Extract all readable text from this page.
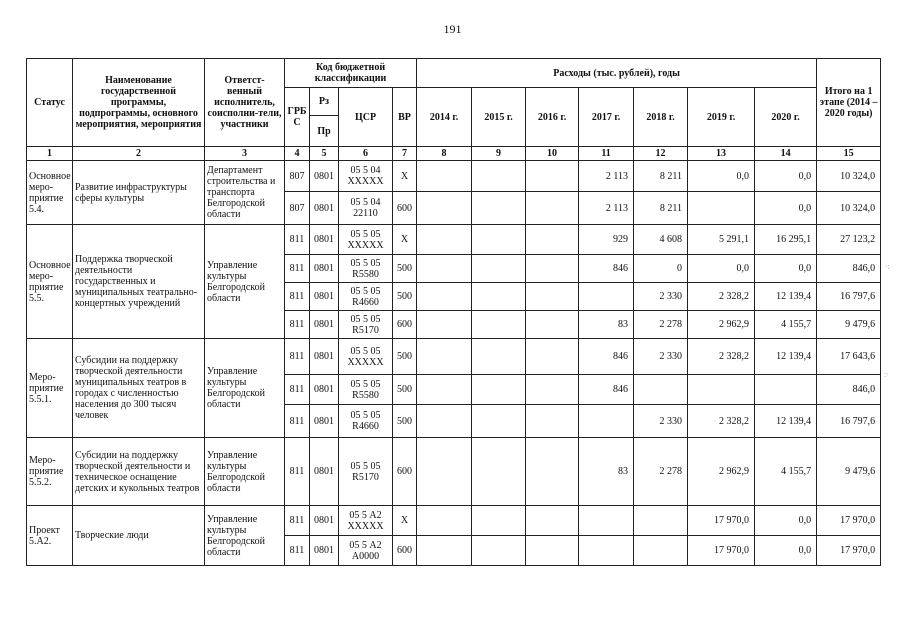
191
Статус	Наименование государственной программы, подпрограммы, основного мероприятия, мероприятия	Ответст-венный исполнитель, соисполни-тели, участники	Код бюджетной классификации				Расходы (тыс. рублей), годы							Итого на 1 этапе (2014 – 2020 годы)
			ГРБ С	Рз	ЦСР	ВР	2014 г.	2015 г.	2016 г.	2017 г.	2018 г.	2019 г.	2020 г.	
				Пр										
1	2	3	4	5	6	7	8	9	10	11	12	13	14	15
Основное меро-приятие 5.4.	Развитие инфраструктуры сферы культуры	Департамент строительства и транспорта Белгородской области	807	0801	05 5 04 ХХХХХ	X				2 113	8 211	0,0	0,0	10 324,0
			807	0801	05 5 04 22110	600				2 113	8 211		0,0	10 324,0
Основное меро-приятие 5.5.	Поддержка творческой деятельности государственных и муниципальных театрально-концертных учреждений	Управление культуры Белгородской области	811	0801	05 5 05 ХХХХХ	X				929	4 608	5 291,1	16 295,1	27 123,2
			811	0801	05 5 05 R5580	500				846	0	0,0	0,0	846,0
			811	0801	05 5 05 R4660	500					2 330	2 328,2	12 139,4	16 797,6
			811	0801	05 5 05 R5170	600				83	2 278	2 962,9	4 155,7	9 479,6
Меро-приятие 5.5.1.	Субсидии на поддержку творческой деятельности муниципальных театров в городах с численностью населения до 300 тысяч человек	Управление культуры Белгородской области	811	0801	05 5 05 ХХХХХ	500				846	2 330	2 328,2	12 139,4	17 643,6
			811	0801	05 5 05 R5580	500				846				846,0
			811	0801	05 5 05 R4660	500					2 330	2 328,2	12 139,4	16 797,6
Меро-приятие 5.5.2.	Субсидии на поддержку творческой деятельности и техническое оснащение детских и кукольных театров	Управление культуры Белгородской области	811	0801	05 5 05 R5170	600				83	2 278	2 962,9	4 155,7	9 479,6
Проект 5.А2.	Творческие люди	Управление культуры Белгородской области	811	0801	05 5 А2 ХХХХХ	X						17 970,0	0,0	17 970,0
			811	0801	05 5 А2 А0000	600						17 970,0	0,0	17 970,0
·:
:·
